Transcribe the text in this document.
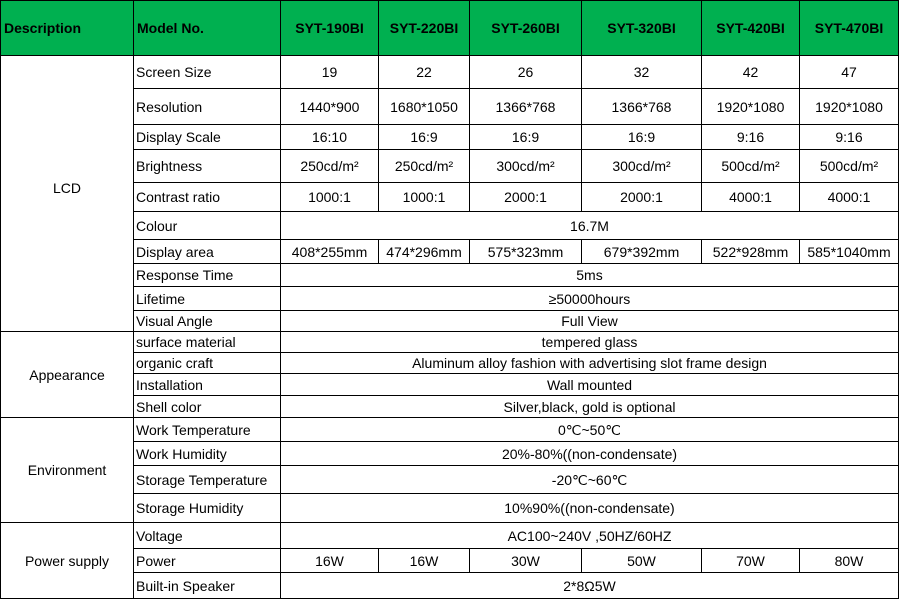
Description	Model No.	SYT-190BI	SYT-220BI	SYT-260BI	SYT-320BI	SYT-420BI	SYT-470BI
LCD	Screen Size	19	22	26	32	42	47
	Resolution	1440*900	1680*1050	1366*768	1366*768	1920*1080	1920*1080
	Display Scale	16:10	16:9	16:9	16:9	9:16	9:16
	Brightness	250cd/m²	250cd/m²	300cd/m²	300cd/m²	500cd/m²	500cd/m²
	Contrast ratio	1000:1	1000:1	2000:1	2000:1	4000:1	4000:1
	Colour	16.7M					
	Display area	408*255mm	474*296mm	575*323mm	679*392mm	522*928mm	585*1040mm
	Response Time	5ms					
	Lifetime	≥50000hours					
	Visual Angle	Full View					
Appearance	surface material	tempered glass					
	organic craft	Aluminum alloy fashion with advertising slot frame design					
	Installation	Wall mounted					
	Shell color	Silver,black, gold is optional					
Environment	Work Temperature	0℃~50℃					
	Work Humidity	20%-80%((non-condensate)					
	Storage Temperature	-20℃~60℃					
	Storage Humidity	10%90%((non-condensate)					
Power supply	Voltage	AC100~240V ,50HZ/60HZ					
	Power	16W	16W	30W	50W	70W	80W
	Built-in Speaker	2*8Ω5W					
